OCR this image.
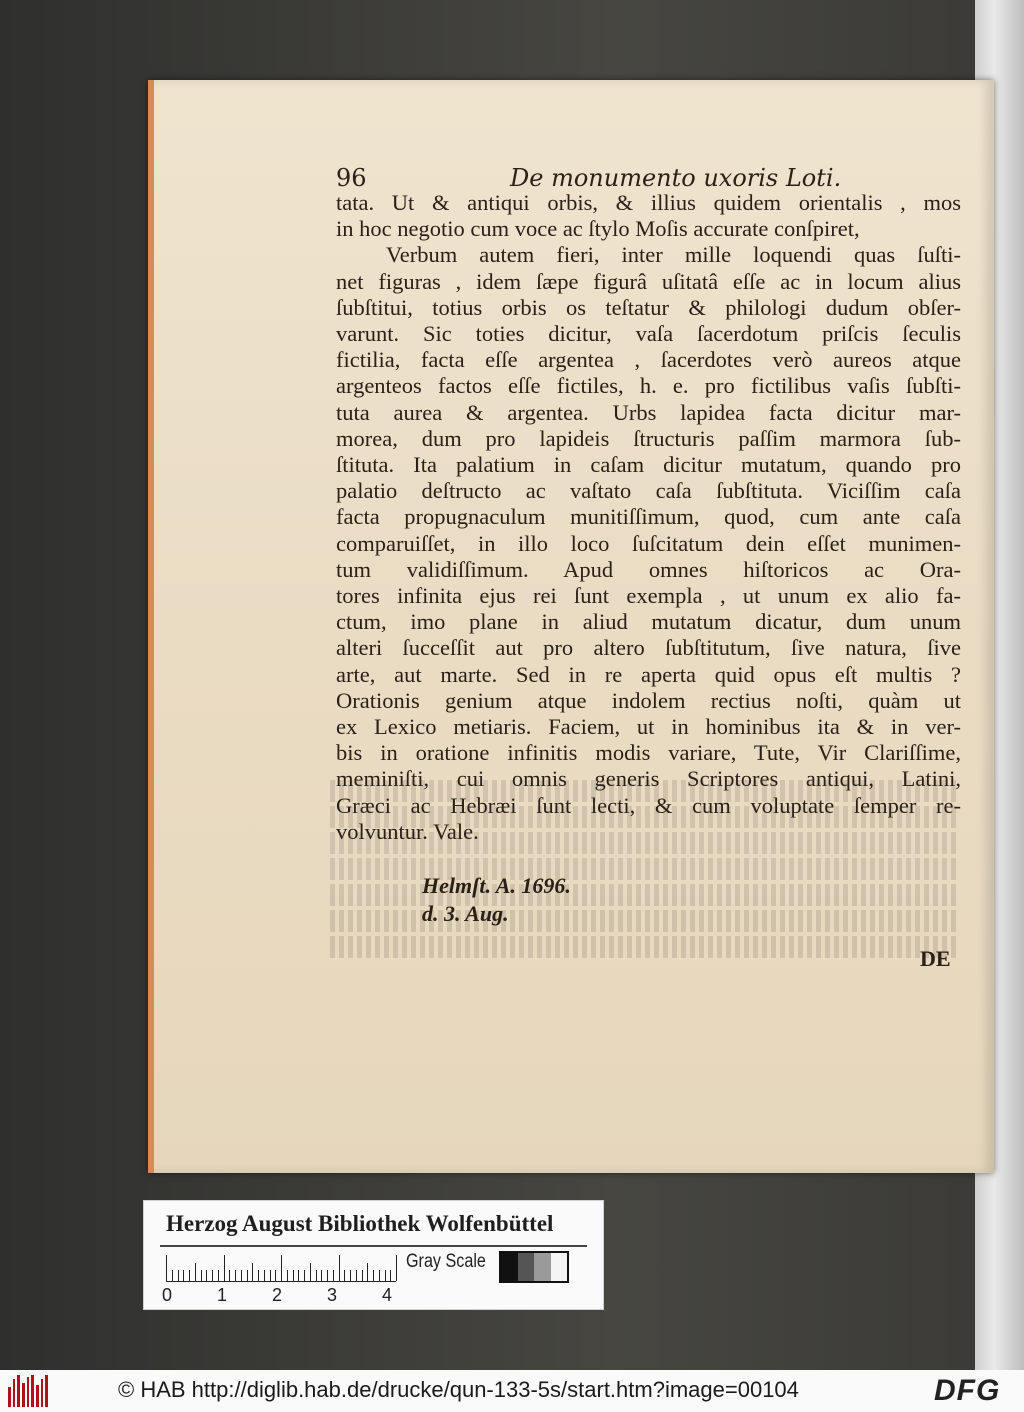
96	De monumento uxoris Loti.
tata. Ut & antiqui orbis, & illius quidem orientalis , mos
in hoc negotio cum voce ac ſtylo Moſis accurate conſpiret,
Verbum autem fieri, inter mille loquendi quas ſuſti-
net figuras , idem ſæpe figurâ uſitatâ eſſe ac in locum alius
ſubſtitui, totius orbis os teſtatur & philologi dudum obſer-
varunt. Sic toties dicitur, vaſa ſacerdotum priſcis ſeculis
fictilia, facta eſſe argentea , ſacerdotes verò aureos atque
argenteos factos eſſe fictiles, h. e. pro fictilibus vaſis ſubſti-
tuta aurea & argentea. Urbs lapidea facta dicitur mar-
morea, dum pro lapideis ſtructuris paſſim marmora ſub-
ſtituta. Ita palatium in caſam dicitur mutatum, quando pro
palatio deſtructo ac vaſtato caſa ſubſtituta. Viciſſim caſa
facta propugnaculum munitiſſimum, quod, cum ante caſa
comparuiſſet, in illo loco ſuſcitatum dein eſſet munimen-
tum validiſſimum. Apud omnes hiſtoricos ac Ora-
tores infinita ejus rei ſunt exempla , ut unum ex alio fa-
ctum, imo plane in aliud mutatum dicatur, dum unum
alteri ſucceſſit aut pro altero ſubſtitutum, ſive natura, ſive
arte, aut marte. Sed in re aperta quid opus eſt multis ?
Orationis genium atque indolem rectius noſti, quàm ut
ex Lexico metiaris. Faciem, ut in hominibus ita & in ver-
bis in oratione infinitis modis variare, Tute, Vir Clariſſime,
meminiſti, cui omnis generis Scriptores antiqui, Latini,
Græci ac Hebræi ſunt lecti, & cum voluptate ſemper re-
volvuntur. Vale.
Helmſt. A. 1696.
d. 3. Aug.
DE
Herzog August Bibliothek Wolfenbüttel
0 1 2 3 4
Gray Scale
© HAB http://diglib.hab.de/drucke/qun-133-5s/start.htm?image=00104	DFG
